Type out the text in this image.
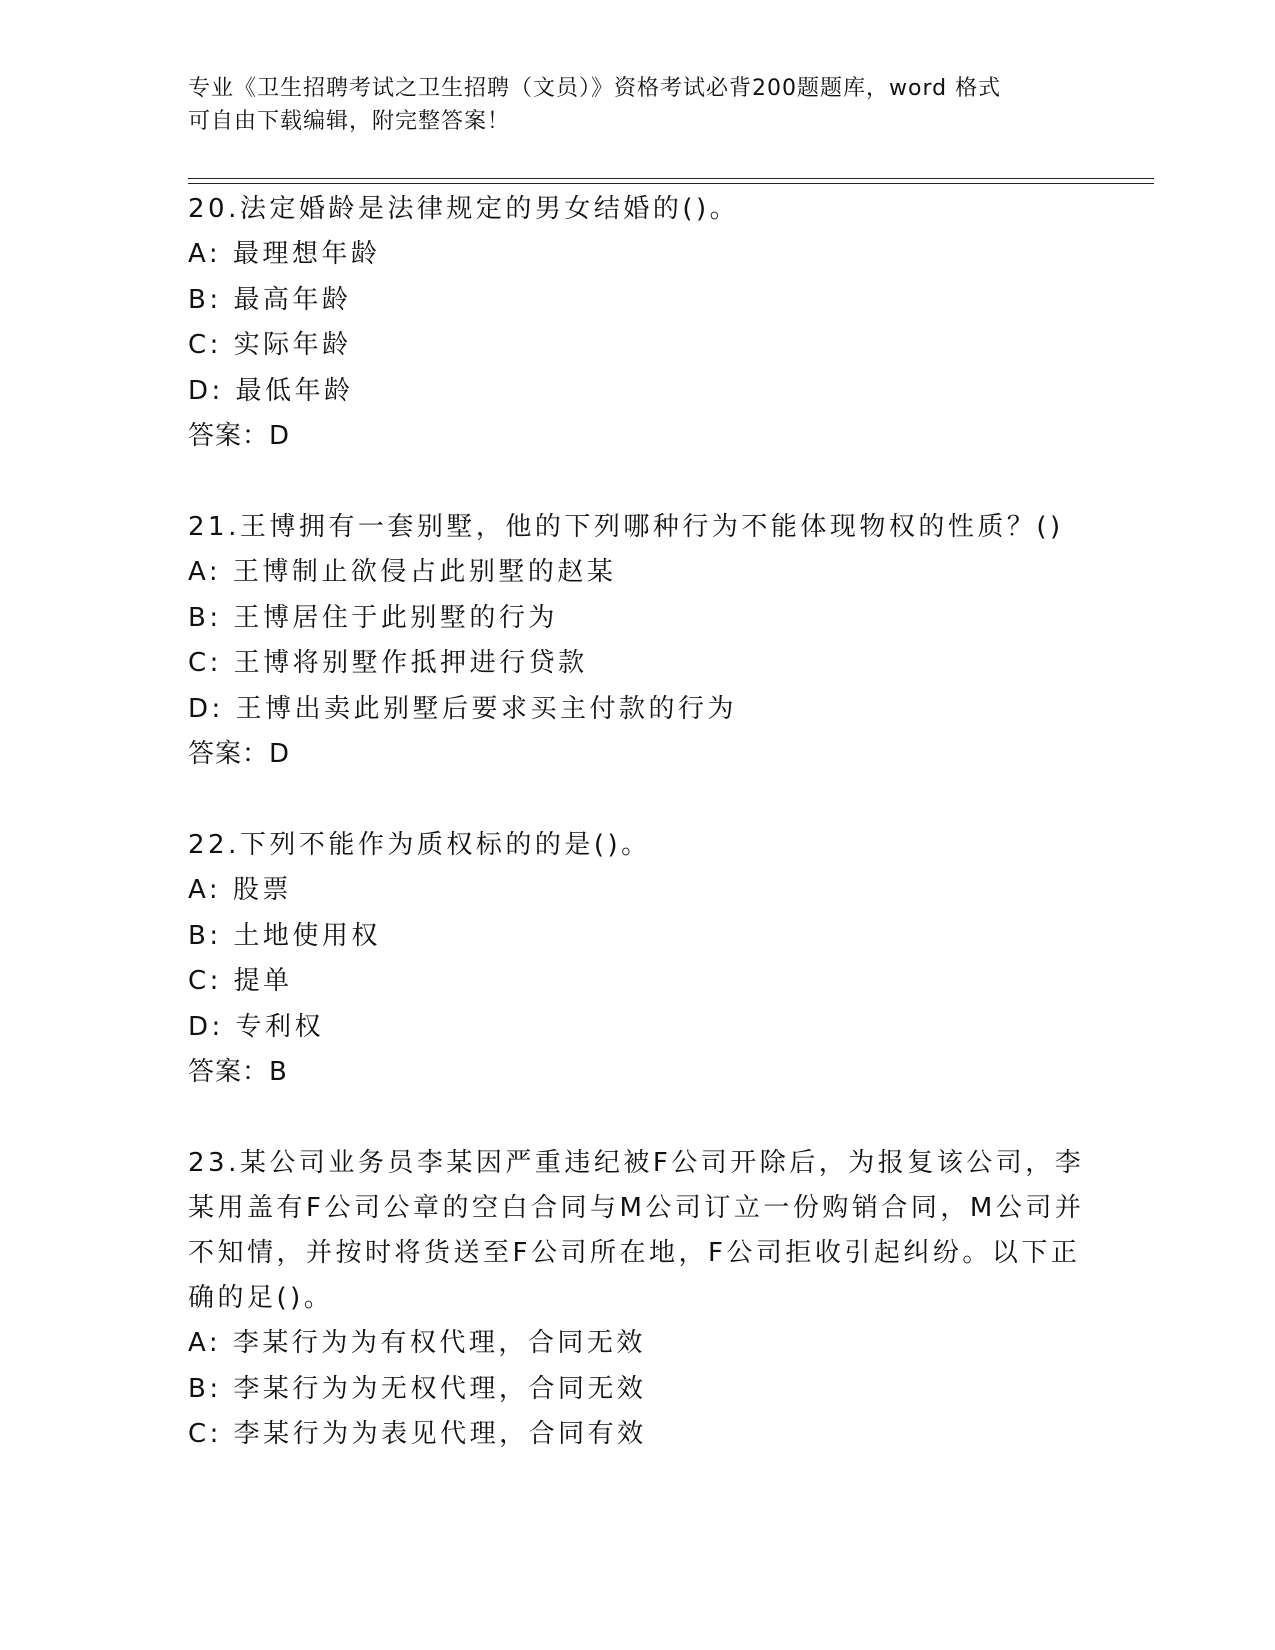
专业《卫生招聘考试之卫生招聘（文员）》资格考试必背200题题库，word 格式
可自由下载编辑，附完整答案！
20.法定婚龄是法律规定的男女结婚的()。
A: 最理想年龄
B: 最高年龄
C: 实际年龄
D: 最低年龄
答案：D
21.王博拥有一套别墅，他的下列哪种行为不能体现物权的性质？()
A: 王博制止欲侵占此别墅的赵某
B: 王博居住于此别墅的行为
C: 王博将别墅作抵押进行贷款
D: 王博出卖此别墅后要求买主付款的行为
答案：D
22.下列不能作为质权标的的是()。
A: 股票
B: 土地使用权
C: 提单
D: 专利权
答案：B
23.某公司业务员李某因严重违纪被F公司开除后，为报复该公司，李
某用盖有F公司公章的空白合同与M公司订立一份购销合同，M公司并
不知情，并按时将货送至F公司所在地，F公司拒收引起纠纷。以下正
确的足()。
A: 李某行为为有权代理，合同无效
B: 李某行为为无权代理，合同无效
C: 李某行为为表见代理，合同有效
